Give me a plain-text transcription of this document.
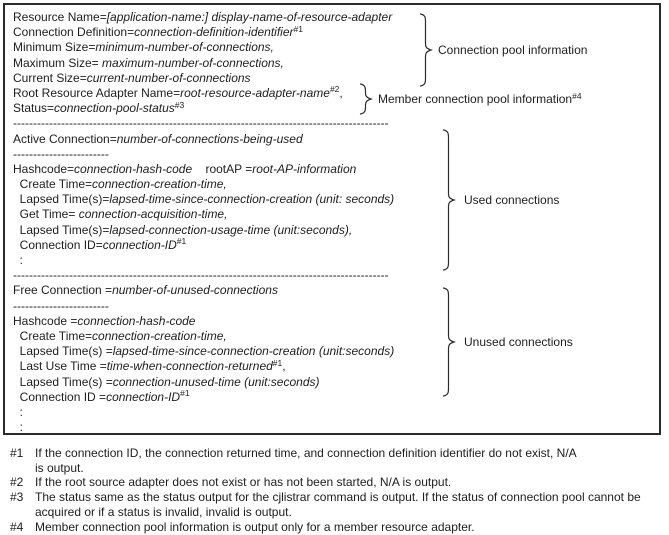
Resource Name=[application-name:] display-name-of-resource-adapter
Connection Definition=connection-definition-identifier$^{\#1}$
Minimum Size=minimum-number-of-connections,
Maximum Size= maximum-number-of-connections,
Current Size=current-number-of-connections
Root Resource Adapter Name=root-resource-adapter-name$^{\#2}$,
Status=connection-pool-status$^{\#3}$
----------------------------------------------------------------------------------------------
Active Connection=number-of-connections-being-used
------------------------
Hashcode=connection-hash-code    rootAP =root-AP-information
Create Time=connection-creation-time,
Lapsed Time(s)=lapsed-time-since-connection-creation (unit: seconds)
Get Time= connection-acquisition-time,
Lapsed Time(s)=lapsed-connection-usage-time (unit:seconds),
Connection $ID=connection-ID^{\#1}$
:
----------------------------------------------------------------------------------------------
Free Connection =number-of-unused-connections
------------------------
Hashcode =connection-hash-code
Create Time=connection-creation-time,
Lapsed Time(s) =lapsed-time-since-connection-creation (unit:seconds)
Last Use Time =time-when-connection-returned$^{\#1}$,
Lapsed Time(s) =connection-unused-time (unit:seconds)
Connection ID $=connection-ID^{\#1}$
:
:
Connection pool information
Member connection pool information$^{\#4}$
Used connections
Unused connections
#1 If the connection ID, the connection returned time, and connection definition identifier do not exist, N/A
is output.
#2 If the root source adapter does not exist or has not been started, N/A is output.
#3 The status same as the status output for the cjlistrar command is output. If the status of connection pool cannot be
acquired or if a status is invalid, invalid is output.
#4 Member connection pool information is output only for a member resource adapter.
